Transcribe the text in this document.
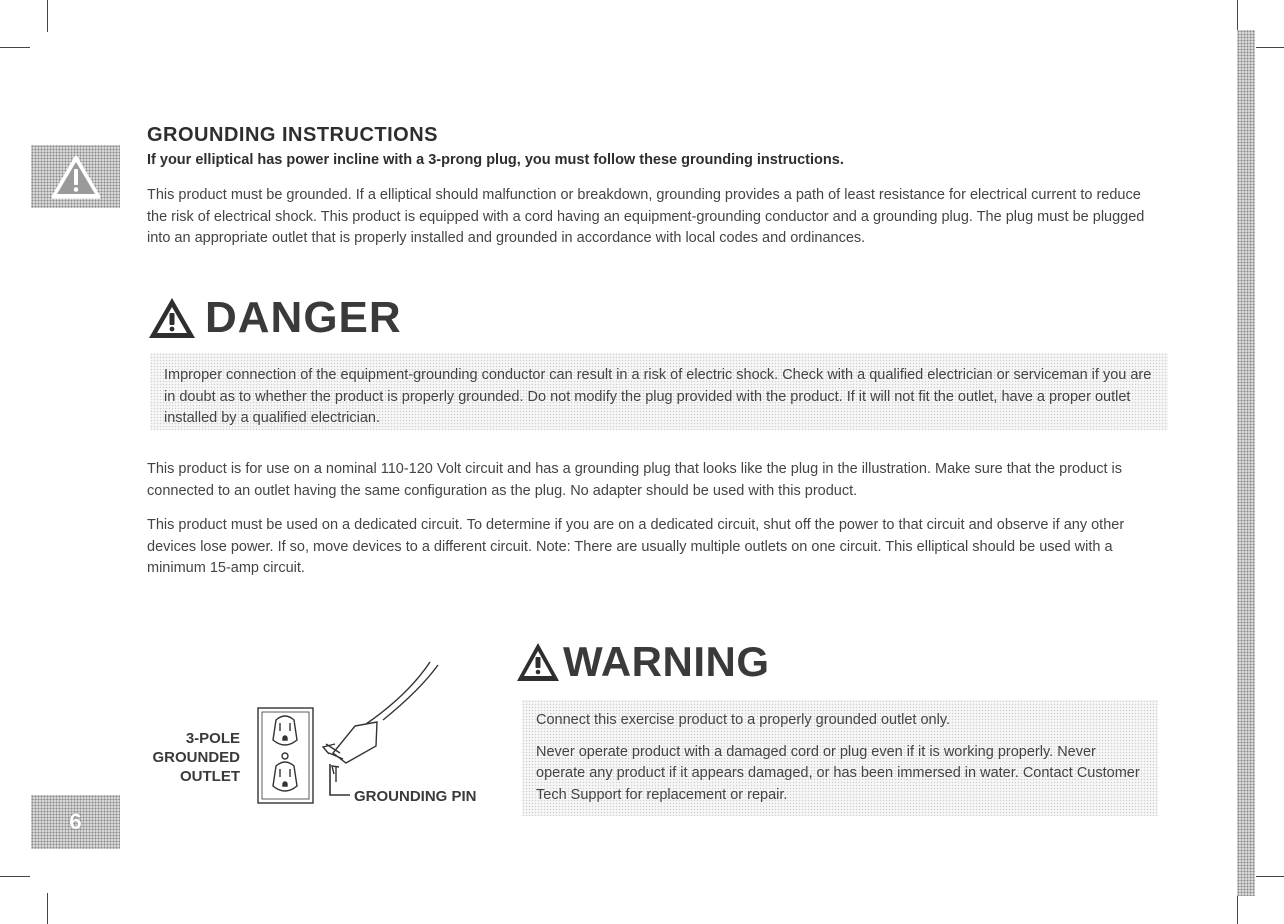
GROUNDING INSTRUCTIONS

If your elliptical has power incline with a 3-prong plug, you must follow these grounding instructions.

This product must be grounded. If a elliptical should malfunction or breakdown, grounding provides a path of least resistance for electrical current to reduce the risk of electrical shock. This product is equipped with a cord having an equipment-grounding conductor and a grounding plug. The plug must be plugged into an appropriate outlet that is properly installed and grounded in accordance with local codes and ordinances.

DANGER

Improper connection of the equipment-grounding conductor can result in a risk of electric shock. Check with a qualified electrician or serviceman if you are in doubt as to whether the product is properly grounded. Do not modify the plug provided with the product. If it will not fit the outlet, have a proper outlet installed by a qualified electrician.

This product is for use on a nominal 110-120 Volt circuit and has a grounding plug that looks like the plug in the illustration. Make sure that the product is connected to an outlet having the same configuration as the plug. No adapter should be used with this product.

This product must be used on a dedicated circuit. To determine if you are on a dedicated circuit, shut off the power to that circuit and observe if any other devices lose power. If so, move devices to a different circuit. Note: There are usually multiple outlets on one circuit. This elliptical should be used with a minimum 15-amp circuit.

3-POLE
GROUNDED
OUTLET
GROUNDING PIN
WARNING

Connect this exercise product to a properly grounded outlet only.

Never operate product with a damaged cord or plug even if it is working properly. Never operate any product if it appears damaged, or has been immersed in water. Contact Customer Tech Support for replacement or repair.

6
